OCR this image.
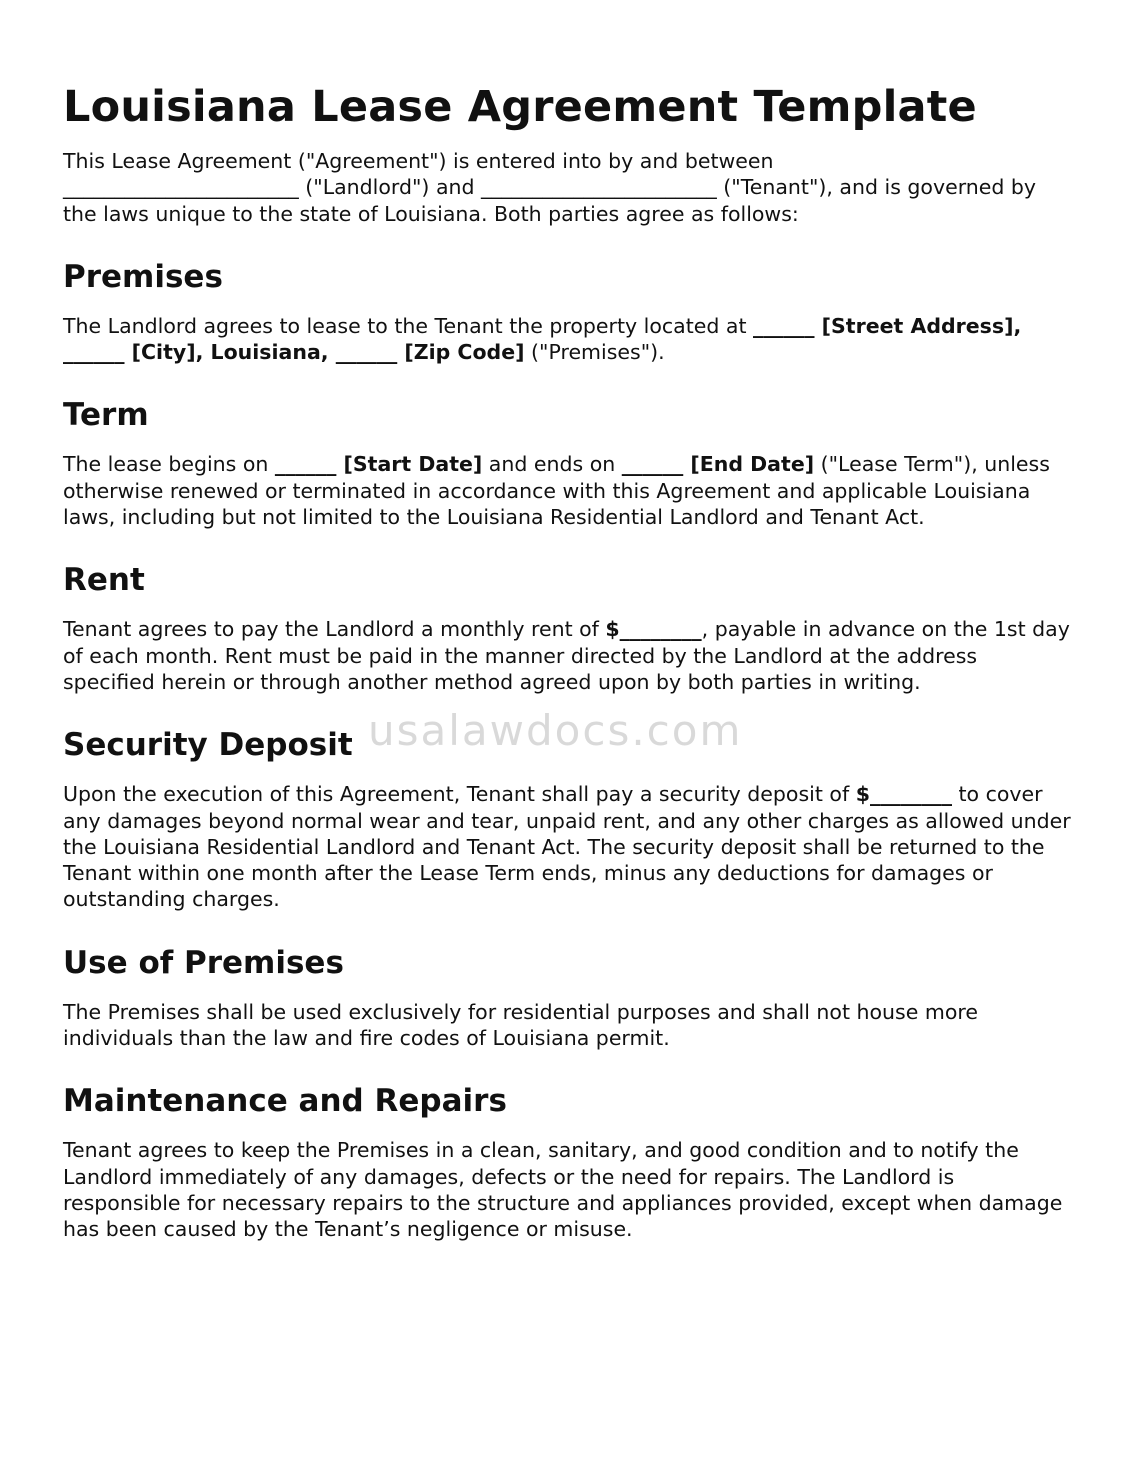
Louisiana Lease Agreement Template

This Lease Agreement ("Agreement") is entered into by and between
_______________________ ("Landlord") and _______________________ ("Tenant"), and is governed by the laws unique to the state of Louisiana. Both parties agree as follows:

Premises

The Landlord agrees to lease to the Tenant the property located at ______ [Street Address], ______ [City], Louisiana, ______ [Zip Code] ("Premises").

Term

The lease begins on ______ [Start Date] and ends on ______ [End Date] ("Lease Term"), unless otherwise renewed or terminated in accordance with this Agreement and applicable Louisiana laws, including but not limited to the Louisiana Residential Landlord and Tenant Act.

Rent

Tenant agrees to pay the Landlord a monthly rent of $________, payable in advance on the 1st day of each month. Rent must be paid in the manner directed by the Landlord at the address specified herein or through another method agreed upon by both parties in writing.

Security Deposit

Upon the execution of this Agreement, Tenant shall pay a security deposit of $________ to cover any damages beyond normal wear and tear, unpaid rent, and any other charges as allowed under the Louisiana Residential Landlord and Tenant Act. The security deposit shall be returned to the Tenant within one month after the Lease Term ends, minus any deductions for damages or outstanding charges.

Use of Premises

The Premises shall be used exclusively for residential purposes and shall not house more individuals than the law and fire codes of Louisiana permit.

Maintenance and Repairs

Tenant agrees to keep the Premises in a clean, sanitary, and good condition and to notify the Landlord immediately of any damages, defects or the need for repairs. The Landlord is responsible for necessary repairs to the structure and appliances provided, except when damage has been caused by the Tenant’s negligence or misuse.

usalawdocs.com
